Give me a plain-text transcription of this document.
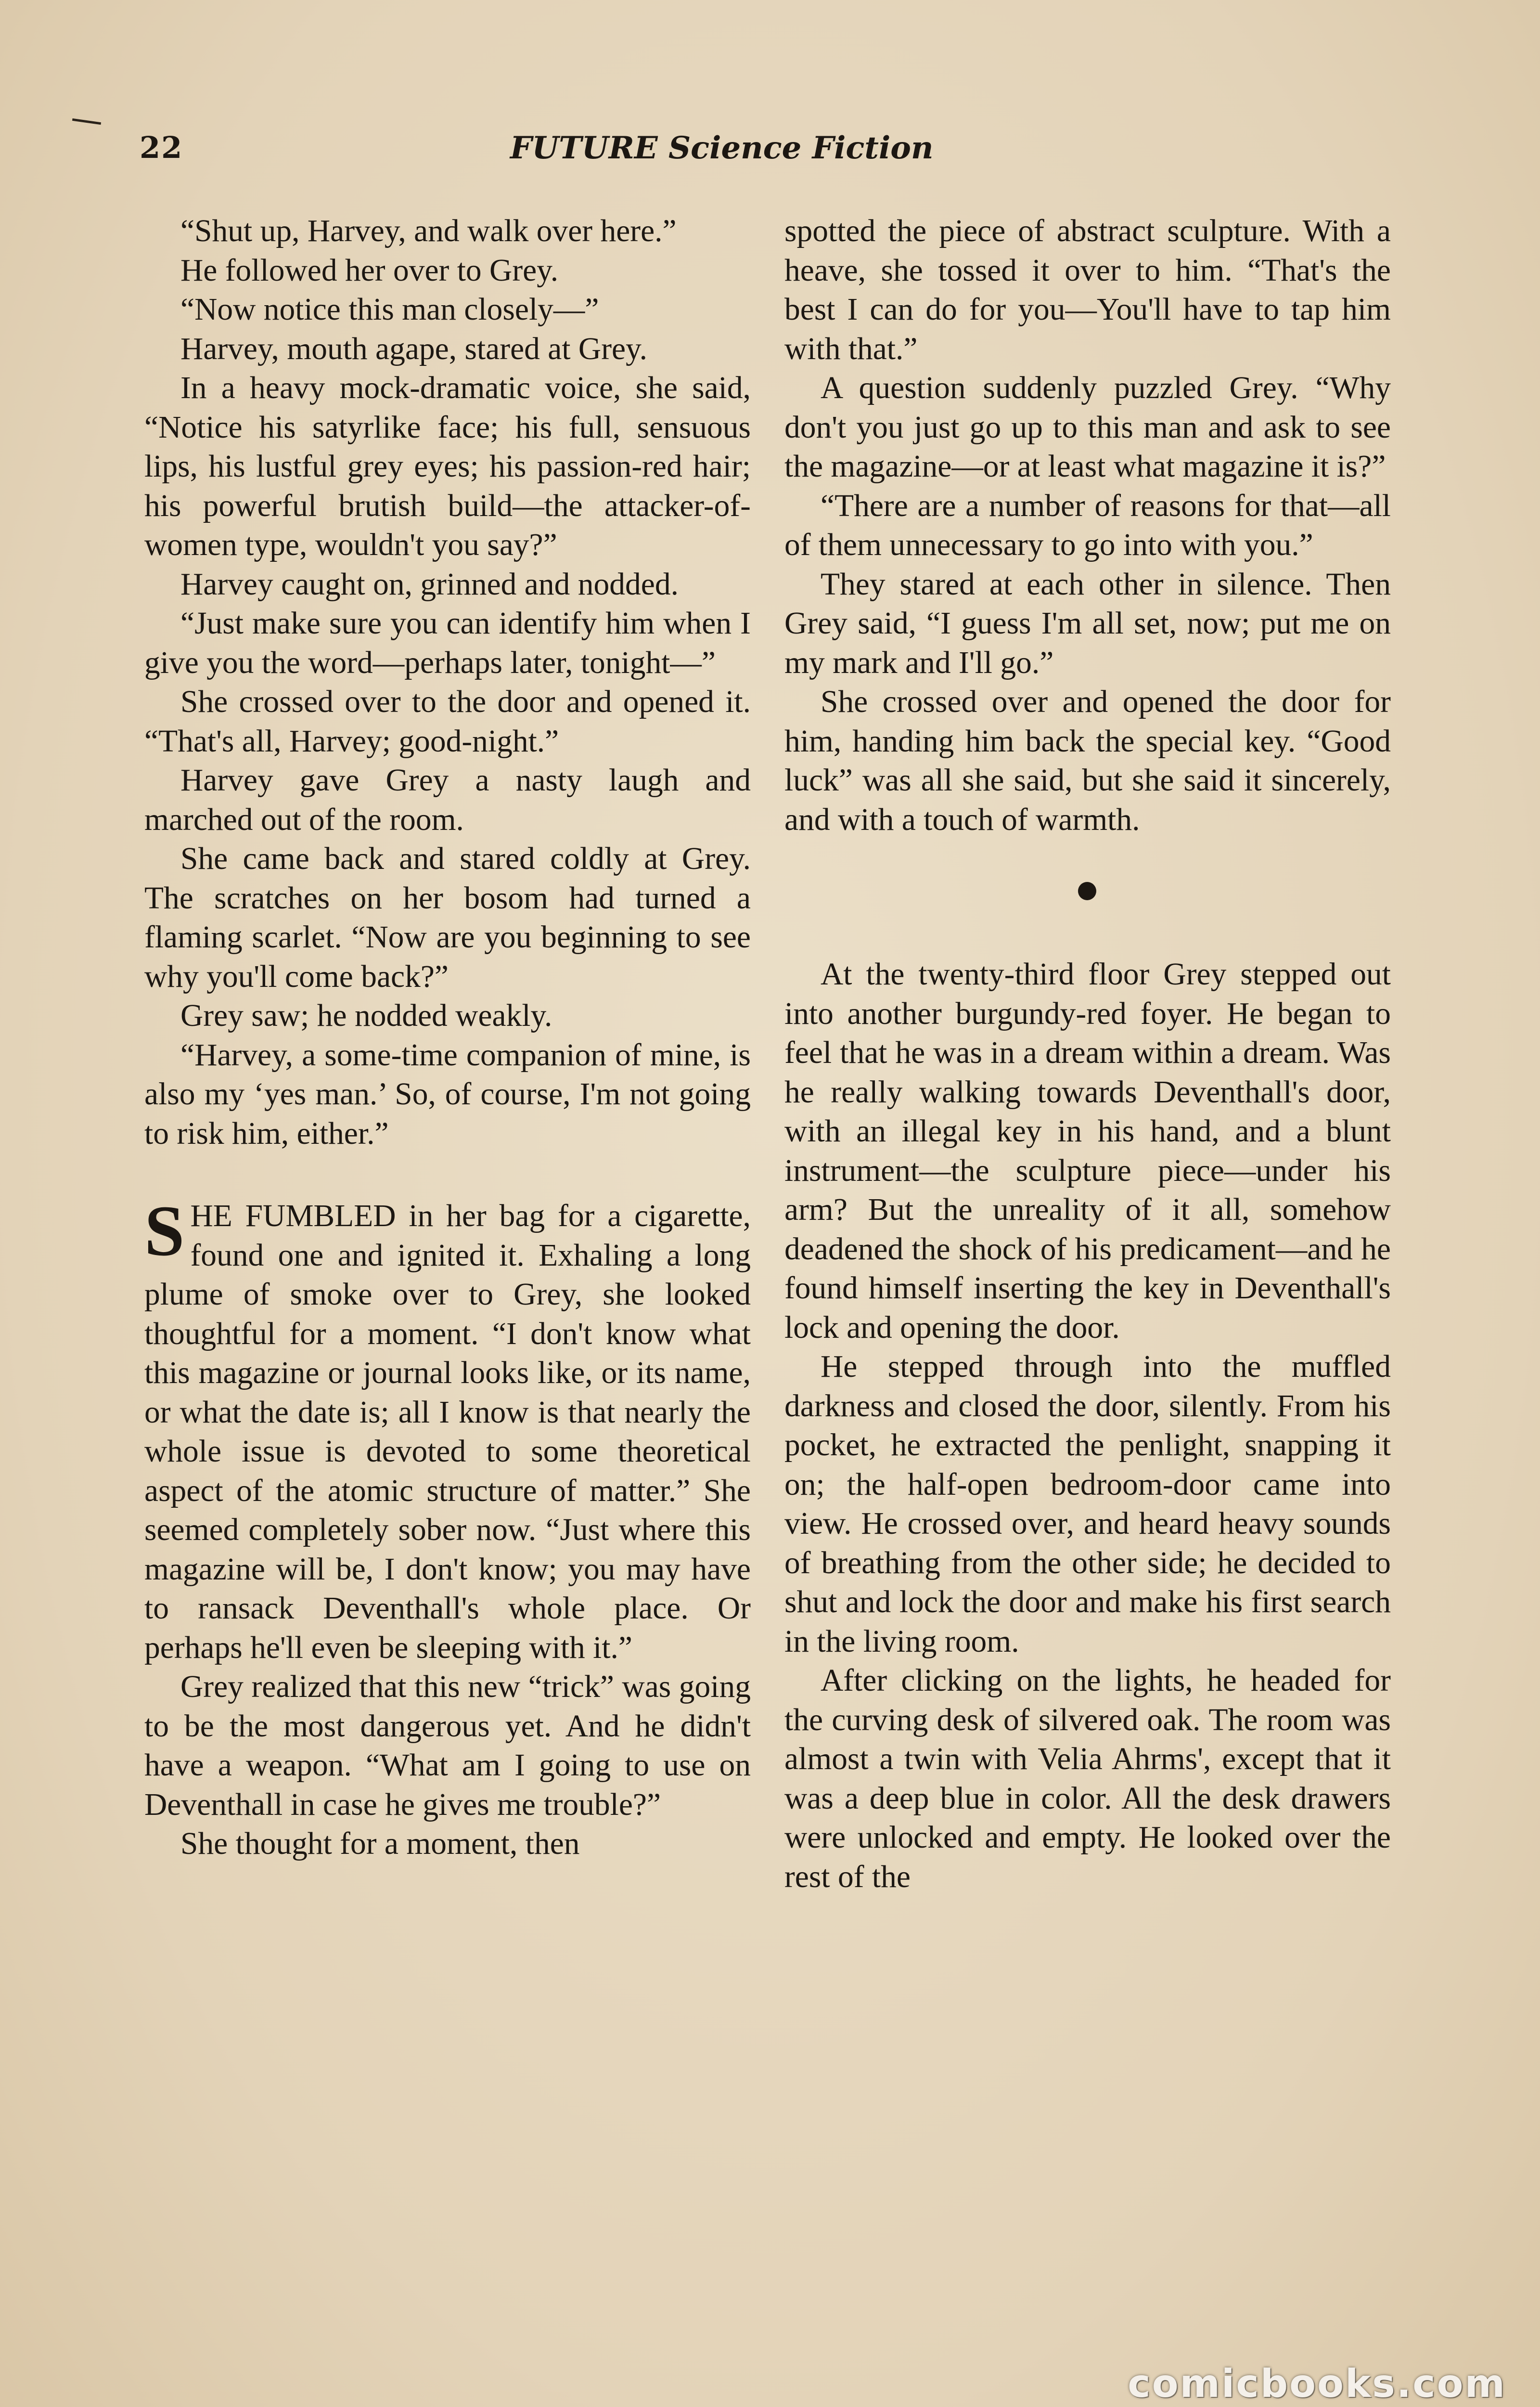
22	FUTURE Science Fiction

“Shut up, Harvey, and walk over here.”

He followed her over to Grey.

“Now notice this man closely—”

Harvey, mouth agape, stared at Grey.

In a heavy mock-dramatic voice, she said, “Notice his satyrlike face; his full, sensuous lips, his lustful grey eyes; his passion-red hair; his powerful brutish build—the attacker-of-women type, wouldn't you say?”

Harvey caught on, grinned and nodded.

“Just make sure you can identify him when I give you the word—perhaps later, tonight—”

She crossed over to the door and opened it. “That's all, Harvey; good-night.”

Harvey gave Grey a nasty laugh and marched out of the room.

She came back and stared coldly at Grey. The scratches on her bosom had turned a flaming scarlet. “Now are you beginning to see why you'll come back?”

Grey saw; he nodded weakly.

“Harvey, a some-time companion of mine, is also my ‘yes man.’ So, of course, I'm not going to risk him, either.”

SHE FUMBLED in her bag for a cigarette, found one and ignited it. Exhaling a long plume of smoke over to Grey, she looked thoughtful for a moment. “I don't know what this magazine or journal looks like, or its name, or what the date is; all I know is that nearly the whole issue is devoted to some theoretical aspect of the atomic structure of matter.” She seemed completely sober now. “Just where this magazine will be, I don't know; you may have to ransack Deventhall's whole place. Or perhaps he'll even be sleeping with it.”

Grey realized that this new “trick” was going to be the most dangerous yet. And he didn't have a weapon. “What am I going to use on Deventhall in case he gives me trouble?”

She thought for a moment, then

spotted the piece of abstract sculpture. With a heave, she tossed it over to him. “That's the best I can do for you—You'll have to tap him with that.”

A question suddenly puzzled Grey. “Why don't you just go up to this man and ask to see the magazine—or at least what magazine it is?”

“There are a number of reasons for that—all of them unnecessary to go into with you.”

They stared at each other in silence. Then Grey said, “I guess I'm all set, now; put me on my mark and I'll go.”

She crossed over and opened the door for him, handing him back the special key. “Good luck” was all she said, but she said it sincerely, and with a touch of warmth.

At the twenty-third floor Grey stepped out into another burgundy-red foyer. He began to feel that he was in a dream within a dream. Was he really walking towards Deventhall's door, with an illegal key in his hand, and a blunt instrument—the sculpture piece—under his arm? But the unreality of it all, somehow deadened the shock of his predicament—and he found himself inserting the key in Deventhall's lock and opening the door.

He stepped through into the muffled darkness and closed the door, silently. From his pocket, he extracted the penlight, snapping it on; the half-open bedroom-door came into view. He crossed over, and heard heavy sounds of breathing from the other side; he decided to shut and lock the door and make his first search in the living room.

After clicking on the lights, he headed for the curving desk of silvered oak. The room was almost a twin with Velia Ahrms', except that it was a deep blue in color. All the desk drawers were unlocked and empty. He looked over the rest of the

comicbooks.com
